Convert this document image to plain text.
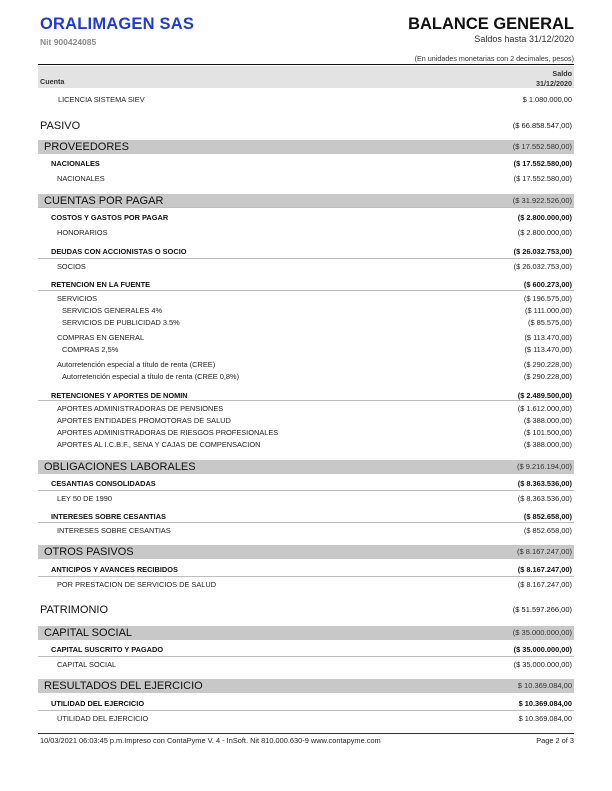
ORALIMAGEN SAS
Nit 900424085
BALANCE GENERAL
Saldos hasta 31/12/2020
(En unidades monetarias con 2 decimales, pesos)
Cuenta
Saldo
31/12/2020
LICENCIA SISTEMA SIEV	$ 1.080.000,00
PASIVO	($ 66.858.547,00)
PROVEEDORES	($ 17.552.580,00)
NACIONALES	($ 17.552.580,00)
NACIONALES	($ 17.552.580,00)
CUENTAS POR PAGAR	($ 31.922.526,00)
COSTOS Y GASTOS POR PAGAR	($ 2.800.000,00)
HONORARIOS	($ 2.800.000,00)
DEUDAS CON ACCIONISTAS O SOCIO	($ 26.032.753,00)
SOCIOS	($ 26.032.753,00)
RETENCION EN LA FUENTE	($ 600.273,00)
SERVICIOS	($ 196.575,00)
SERVICIOS GENERALES 4%	($ 111.000,00)
SERVICIOS DE PUBLICIDAD 3.5%	($ 85.575,00)
COMPRAS EN GENERAL	($ 113.470,00)
COMPRAS 2,5%	($ 113.470,00)
Autorretención especial a título de renta (CREE)	($ 290.228,00)
Autorretención especial a título de renta (CREE 0,8%)	($ 290.228,00)
RETENCIONES Y APORTES DE NOMIN	($ 2.489.500,00)
APORTES ADMINISTRADORAS DE PENSIONES	($ 1.612.000,00)
APORTES ENTIDADES PROMOTORAS DE SALUD	($ 388.000,00)
APORTES ADMINISTRADORAS DE RIESGOS PROFESIONALES	($ 101.500,00)
APORTES AL I.C.B.F., SENA Y CAJAS DE COMPENSACION	($ 388.000,00)
OBLIGACIONES LABORALES	($ 9.216.194,00)
CESANTIAS CONSOLIDADAS	($ 8.363.536,00)
LEY 50 DE 1990	($ 8.363.536,00)
INTERESES SOBRE CESANTIAS	($ 852.658,00)
INTERESES SOBRE CESANTIAS	($ 852.658,00)
OTROS PASIVOS	($ 8.167.247,00)
ANTICIPOS Y AVANCES RECIBIDOS	($ 8.167.247,00)
POR PRESTACION DE SERVICIOS DE SALUD	($ 8.167.247,00)
PATRIMONIO	($ 51.597.266,00)
CAPITAL SOCIAL	($ 35.000.000,00)
CAPITAL SUSCRITO Y PAGADO	($ 35.000.000,00)
CAPITAL SOCIAL	($ 35.000.000,00)
RESULTADOS DEL EJERCICIO	$ 10.369.084,00
UTILIDAD DEL EJERCICIO	$ 10.369.084,00
UTILIDAD DEL EJERCICIO	$ 10.369.084,00
10/03/2021 06:03:45 p.m.Impreso con ContaPyme V. 4 - InSoft. Nit 810.000.630-9 www.contapyme.com	Page 2 of 3
